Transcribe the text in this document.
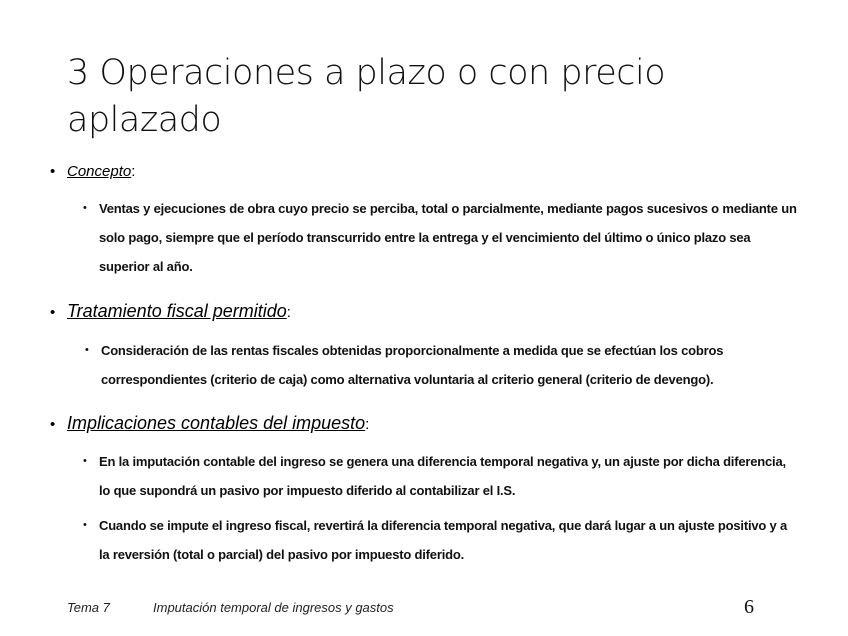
3 Operaciones a plazo o con precio aplazado
• Concepto:
• Ventas y ejecuciones de obra cuyo precio se perciba, total o parcialmente, mediante pagos sucesivos o mediante un solo pago, siempre que el período transcurrido entre la entrega y el vencimiento del último o único plazo sea superior al año.
• Tratamiento fiscal permitido:
• Consideración de las rentas fiscales obtenidas proporcionalmente a medida que se efectúan los cobros correspondientes (criterio de caja) como alternativa voluntaria al criterio general (criterio de devengo).
• Implicaciones contables del impuesto:
• En la imputación contable del ingreso se genera una diferencia temporal negativa y, un ajuste por dicha diferencia, lo que supondrá un pasivo por impuesto diferido al contabilizar el I.S.
• Cuando se impute el ingreso fiscal, revertirá la diferencia temporal negativa, que dará lugar a un ajuste positivo y a la reversión (total o parcial) del pasivo por impuesto diferido.
Tema 7	Imputación temporal de ingresos y gastos	6
